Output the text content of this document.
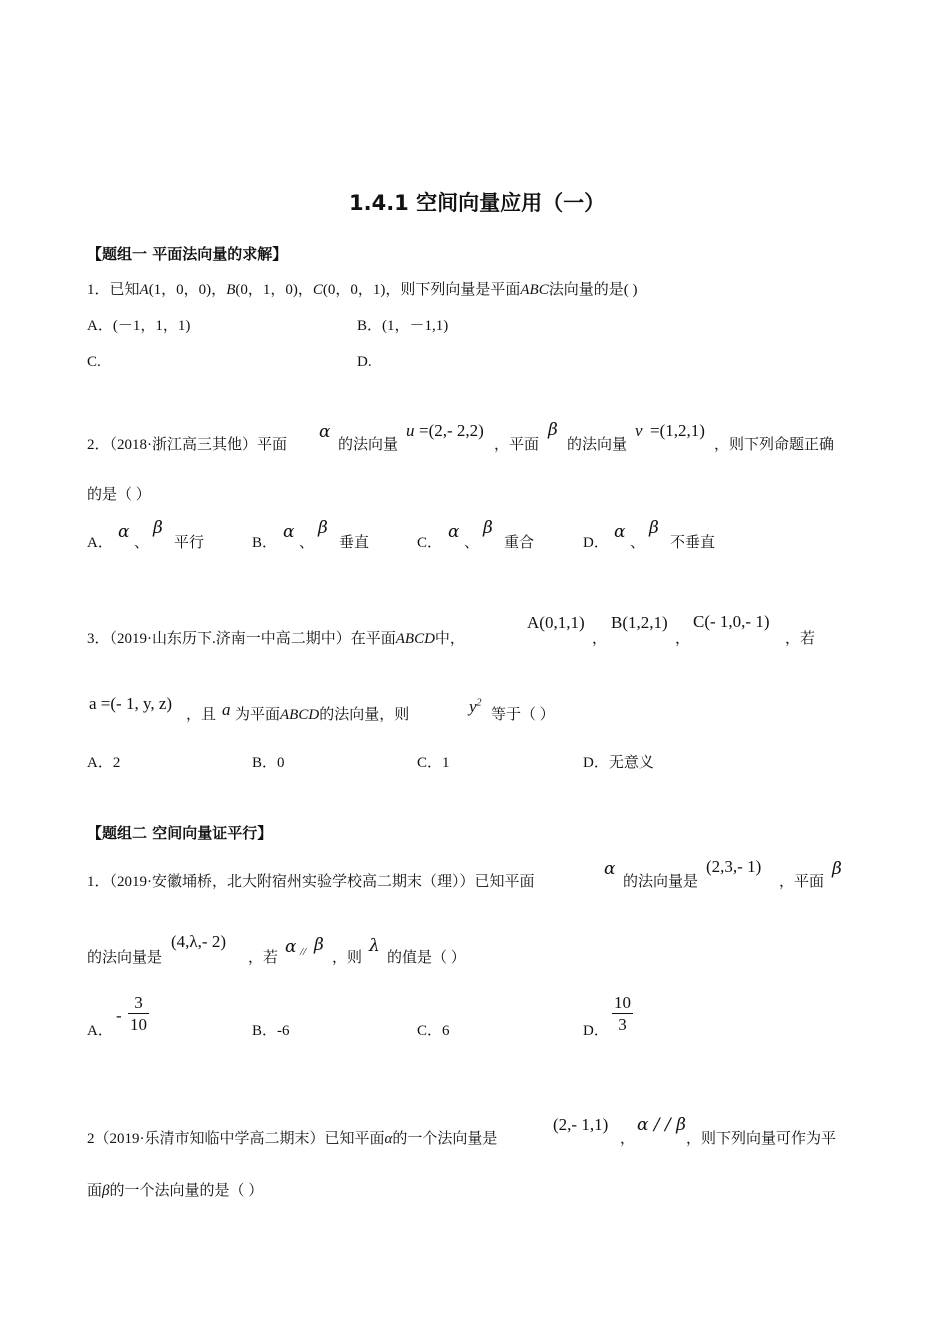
1.4.1 空间向量应用（一）
【题组一 平面法向量的求解】
1．已知A(1，0，0)，B(0，1，0)，C(0，0，1)，则下列向量是平面ABC法向量的是( )
A．(－1，1，1)	B．(1，－1,1)
C.	D.
2．（2018·浙江高三其他）平面
α
的法向量
u =(2,‑ 2,2)
，平面
β
的法向量
v =(1,2,1)
，则下列命题正确
的是（ ）
A．
α
、
β
平行	B．
α
、
β
垂直	C．
α
、
β
重合	D．
α
、
β
不垂直
3．（2019·山东历下.济南一中高二期中）在平面ABCD中，
A(0,1,1)
，
B(1,2,1)
，
C(‑ 1,0,‑ 1)
，若
a =(‑ 1, y, z)
，且 a 为平面ABCD的法向量，则	$y^2$
等于（ ）
A．2	B．0	C．1	D．无意义
【题组二 空间向量证平行】
1．（2019·安徽埇桥，北大附宿州实验学校高二期末（理））已知平面
α
的法向量是
(2,3,‑ 1)
，平面
β
的法向量是
(4,λ,‑ 2)
，若
α // β
，则
λ
的值是（ ）
A．
‑ $\frac{3}{10}$	B．-6	C．6	D． $\frac{10}{3}$
2（2019·乐清市知临中学高二期末）已知平面α的一个法向量是
(2,‑ 1,1)
，
α / / β
，则下列向量可作为平
面β的一个法向量的是（ ）
